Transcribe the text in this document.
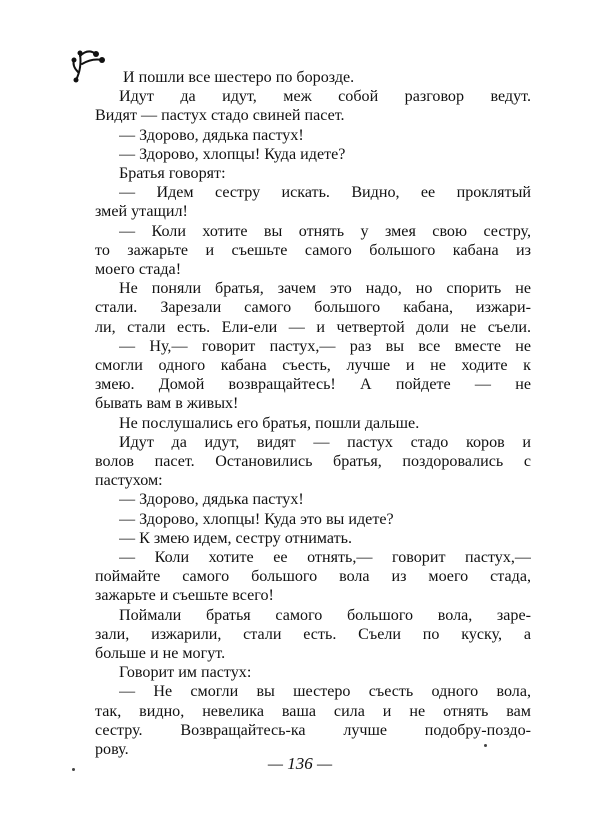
И пошли все шестеро по борозде.
Идут да идут, меж собой разговор ведут.
Видят — пастух стадо свиней пасет.
— Здорово, дядька пастух!
— Здорово, хлопцы! Куда идете?
Братья говорят:
— Идем сестру искать. Видно, ее проклятый
змей утащил!
— Коли хотите вы отнять у змея свою сестру,
то зажарьте и съешьте самого большого кабана из
моего стада!
Не поняли братья, зачем это надо, но спорить не
стали. Зарезали самого большого кабана, изжари-
ли, стали есть. Ели-ели — и четвертой доли не съели.
— Ну,— говорит пастух,— раз вы все вместе не
смогли одного кабана съесть, лучше и не ходите к
змею. Домой возвращайтесь! А пойдете — не
бывать вам в живых!
Не послушались его братья, пошли дальше.
Идут да идут, видят — пастух стадо коров и
волов пасет. Остановились братья, поздоровались с
пастухом:
— Здорово, дядька пастух!
— Здорово, хлопцы! Куда это вы идете?
— К змею идем, сестру отнимать.
— Коли хотите ее отнять,— говорит пастух,—
поймайте самого большого вола из моего стада,
зажарьте и съешьте всего!
Поймали братья самого большого вола, заре-
зали, изжарили, стали есть. Съели по куску, а
больше и не могут.
Говорит им пастух:
— Не смогли вы шестеро съесть одного вола,
так, видно, невелика ваша сила и не отнять вам
сестру. Возвращайтесь-ка лучше подобру-поздо-
рову.
— 136 —
